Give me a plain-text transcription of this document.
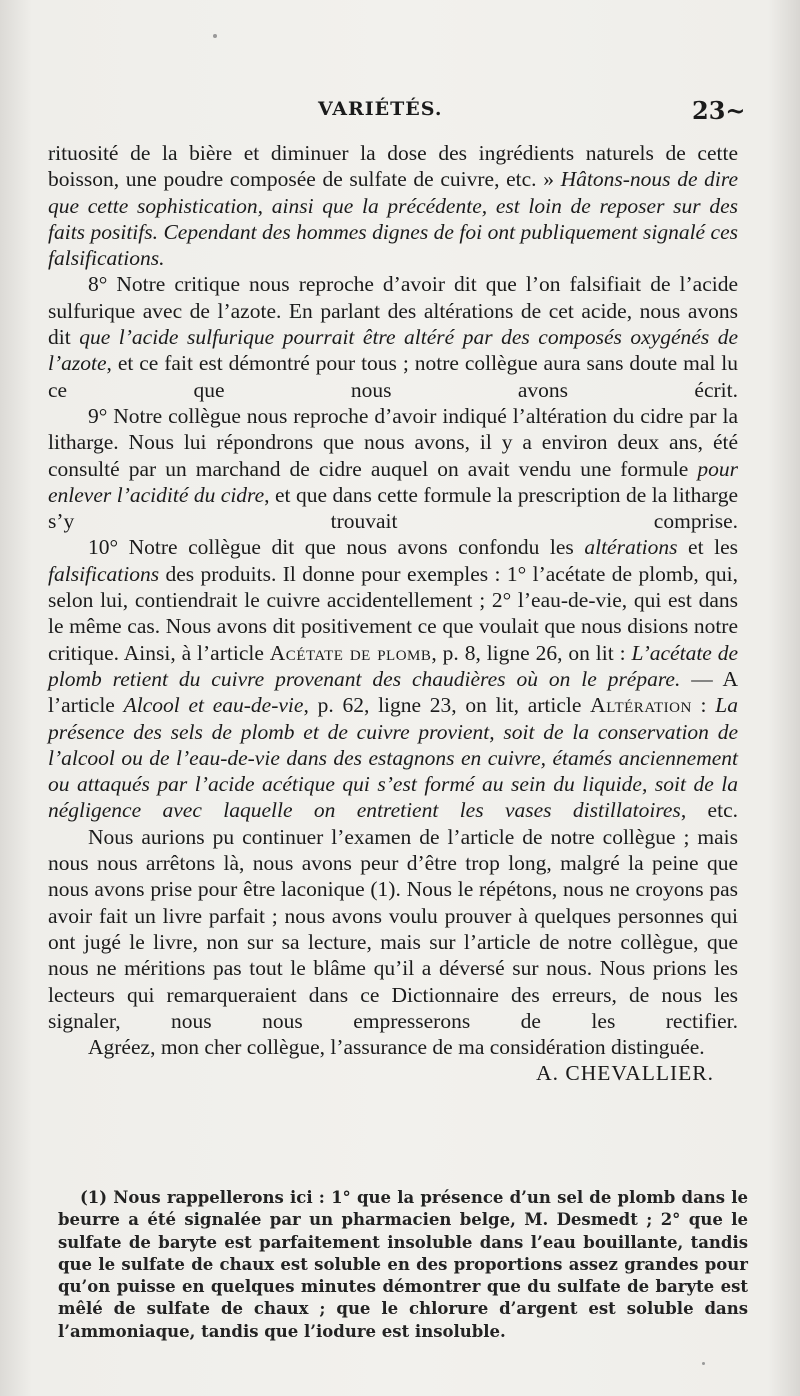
VARIÉTÉS.	23~

rituosité de la bière et diminuer la dose des ingrédients naturels de cette boisson, une poudre composée de sulfate de cuivre, etc. » Hâtons-nous de dire que cette sophistication, ainsi que la précédente, est loin de reposer sur des faits positifs. Cependant des hommes dignes de foi ont publiquement signalé ces falsifications.

8° Notre critique nous reproche d’avoir dit que l’on falsifiait de l’acide sulfurique avec de l’azote. En parlant des altérations de cet acide, nous avons dit que l’acide sulfurique pourrait être altéré par des composés oxygénés de l’azote, et ce fait est démontré pour tous ; notre collègue aura sans doute mal lu ce que nous avons écrit.

9° Notre collègue nous reproche d’avoir indiqué l’altération du cidre par la litharge. Nous lui répondrons que nous avons, il y a environ deux ans, été consulté par un marchand de cidre auquel on avait vendu une formule pour enlever l’acidité du cidre, et que dans cette formule la prescription de la litharge s’y trouvait comprise.

10° Notre collègue dit que nous avons confondu les altérations et les falsifications des produits. Il donne pour exemples : 1° l’acétate de plomb, qui, selon lui, contiendrait le cuivre accidentellement ; 2° l’eau-de-vie, qui est dans le même cas. Nous avons dit positivement ce que voulait que nous disions notre critique. Ainsi, à l’article Acétate de plomb, p. 8, ligne 26, on lit : L’acétate de plomb retient du cuivre provenant des chaudières où on le prépare. — A l’article Alcool et eau-de-vie, p. 62, ligne 23, on lit, article Altération : La présence des sels de plomb et de cuivre provient, soit de la conservation de l’alcool ou de l’eau-de-vie dans des estagnons en cuivre, étamés anciennement ou attaqués par l’acide acétique qui s’est formé au sein du liquide, soit de la négligence avec laquelle on entretient les vases distillatoires, etc.

Nous aurions pu continuer l’examen de l’article de notre collègue ; mais nous nous arrêtons là, nous avons peur d’être trop long, malgré la peine que nous avons prise pour être laconique (1). Nous le répétons, nous ne croyons pas avoir fait un livre parfait ; nous avons voulu prouver à quelques personnes qui ont jugé le livre, non sur sa lecture, mais sur l’article de notre collègue, que nous ne méritions pas tout le blâme qu’il a déversé sur nous. Nous prions les lecteurs qui remarqueraient dans ce Dictionnaire des erreurs, de nous les signaler, nous nous empresserons de les rectifier.

Agréez, mon cher collègue, l’assurance de ma considération distinguée.

A. CHEVALLIER.

(1) Nous rappellerons ici : 1° que la présence d’un sel de plomb dans le beurre a été signalée par un pharmacien belge, M. Desmedt ; 2° que le sulfate de baryte est parfaitement insoluble dans l’eau bouillante, tandis que le sulfate de chaux est soluble en des proportions assez grandes pour qu’on puisse en quelques minutes démontrer que du sulfate de baryte est mêlé de sulfate de chaux ; que le chlorure d’argent est soluble dans l’ammoniaque, tandis que l’iodure est insoluble.
